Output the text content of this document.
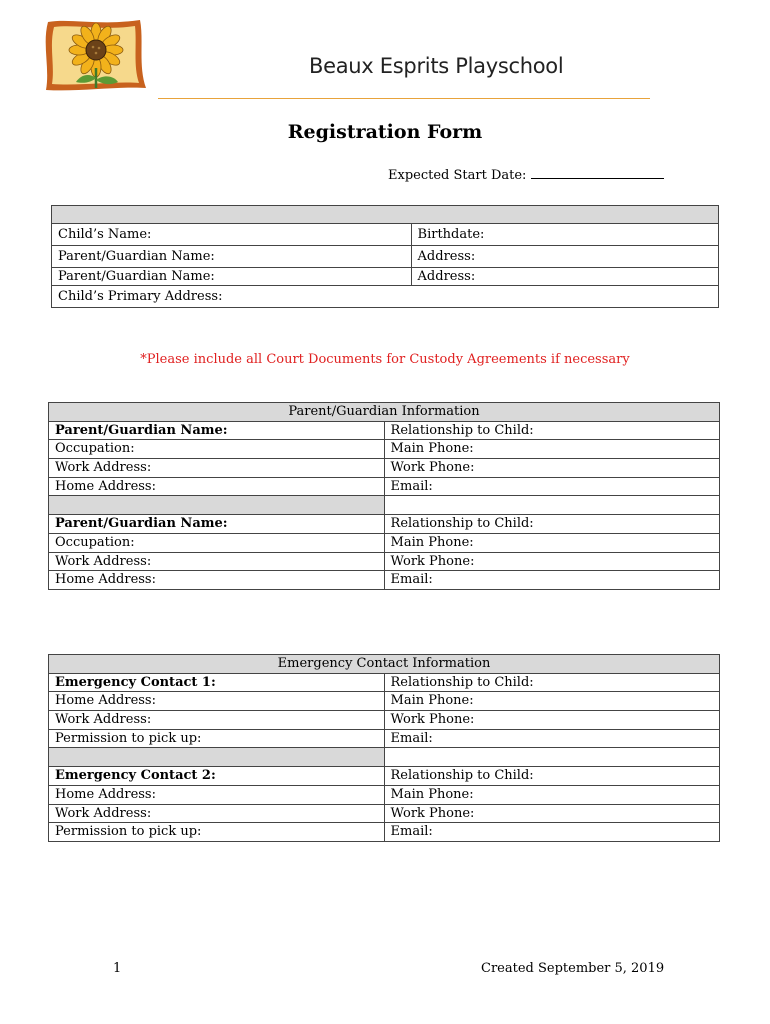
Beaux Esprits Playschool
Registration Form
Expected Start Date:

Child’s Name:	Birthdate:
Parent/Guardian Name:	Address:
Parent/Guardian Name:	Address:
Child’s Primary Address:	
*Please include all Court Documents for Custody Agreements if necessary
Parent/Guardian Information	
Parent/Guardian Name:	Relationship to Child:
Occupation:	Main Phone:
Work Address:	Work Phone:
Home Address:	Email:

Parent/Guardian Name:	Relationship to Child:
Occupation:	Main Phone:
Work Address:	Work Phone:
Home Address:	Email:
Emergency Contact Information	
Emergency Contact 1:	Relationship to Child:
Home Address:	Main Phone:
Work Address:	Work Phone:
Permission to pick up:	Email:

Emergency Contact 2:	Relationship to Child:
Home Address:	Main Phone:
Work Address:	Work Phone:
Permission to pick up:	Email:
1	Created September 5, 2019
